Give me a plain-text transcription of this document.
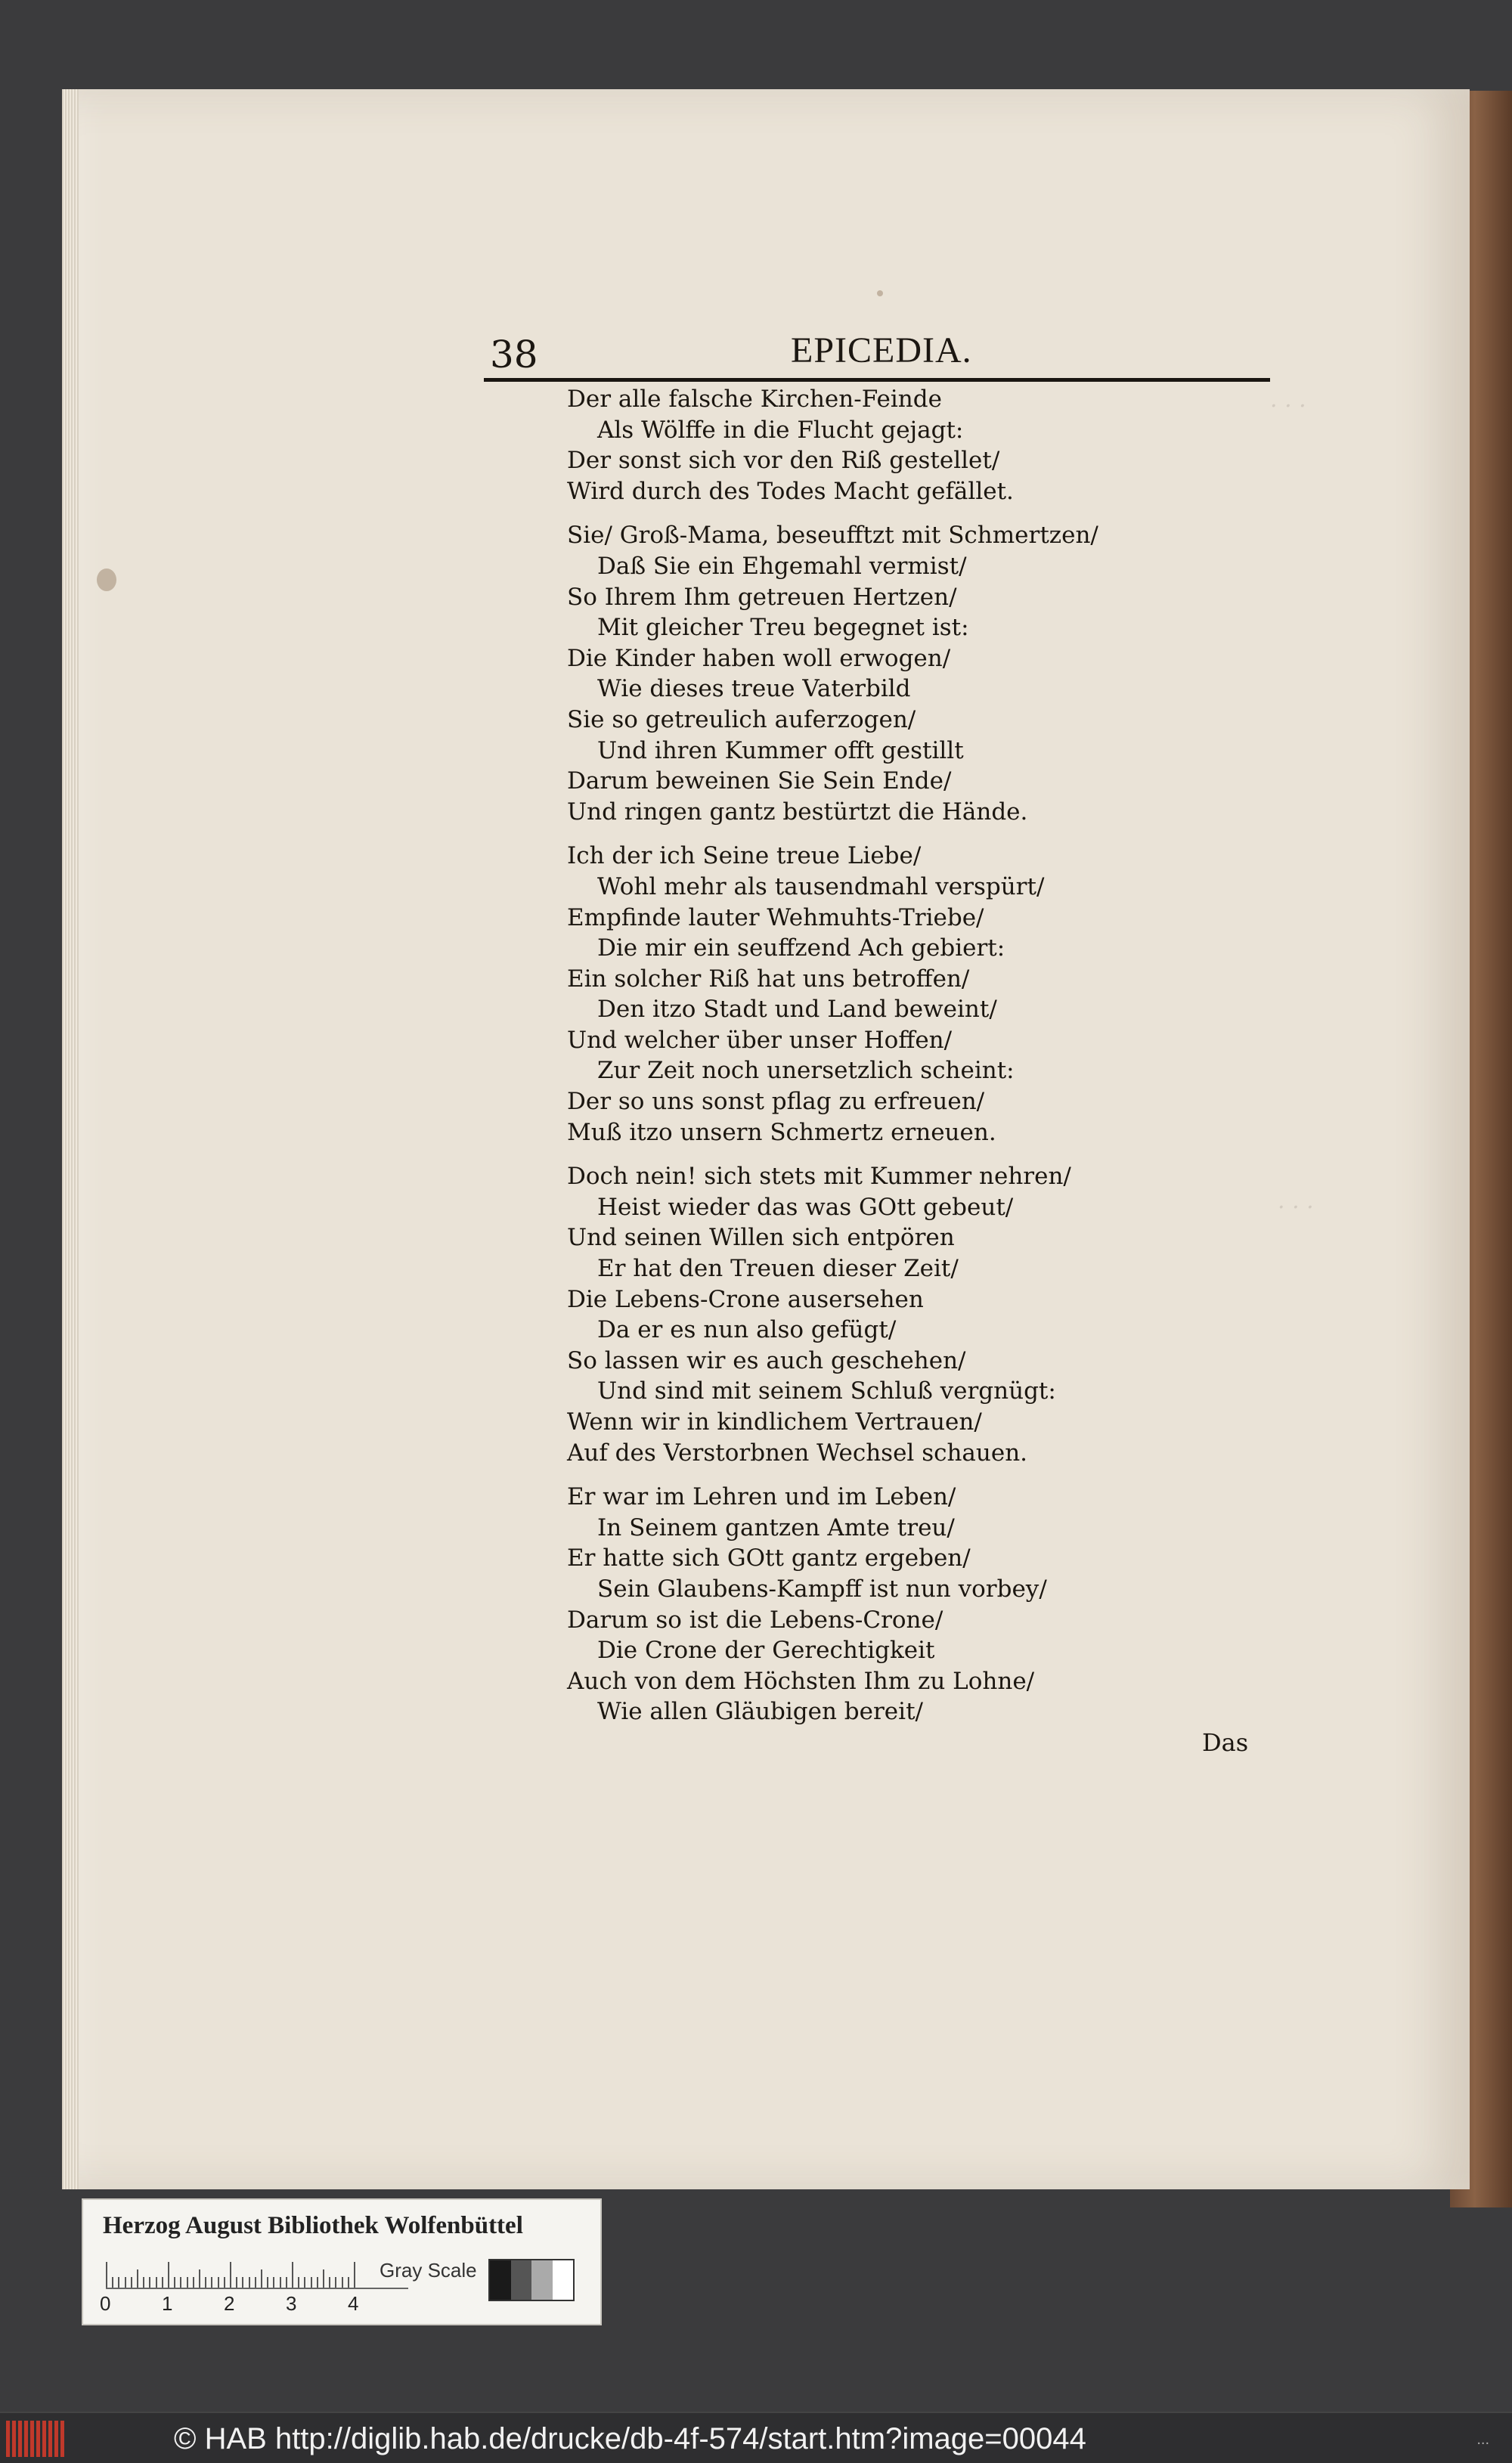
· · ·
· · ·
38	EPICEDIA.
Der alle falsche Kirchen-Feinde
Als Wölffe in die Flucht gejagt:
Der sonst sich vor den Riß gestellet/
Wird durch des Todes Macht gefället.
Sie/ Groß-Mama, beseufftzt mit Schmertzen/
Daß Sie ein Ehgemahl vermist/
So Ihrem Ihm getreuen Hertzen/
Mit gleicher Treu begegnet ist:
Die Kinder haben woll erwogen/
Wie dieses treue Vaterbild
Sie so getreulich auferzogen/
Und ihren Kummer offt gestillt
Darum beweinen Sie Sein Ende/
Und ringen gantz bestürtzt die Hände.
Ich der ich Seine treue Liebe/
Wohl mehr als tausendmahl verspürt/
Empfinde lauter Wehmuhts-Triebe/
Die mir ein seuffzend Ach gebiert:
Ein solcher Riß hat uns betroffen/
Den itzo Stadt und Land beweint/
Und welcher über unser Hoffen/
Zur Zeit noch unersetzlich scheint:
Der so uns sonst pflag zu erfreuen/
Muß itzo unsern Schmertz erneuen.
Doch nein! sich stets mit Kummer nehren/
Heist wieder das was GOtt gebeut/
Und seinen Willen sich entpören
Er hat den Treuen dieser Zeit/
Die Lebens-Crone ausersehen
Da er es nun also gefügt/
So lassen wir es auch geschehen/
Und sind mit seinem Schluß vergnügt:
Wenn wir in kindlichem Vertrauen/
Auf des Verstorbnen Wechsel schauen.
Er war im Lehren und im Leben/
In Seinem gantzen Amte treu/
Er hatte sich GOtt gantz ergeben/
Sein Glaubens-Kampff ist nun vorbey/
Darum so ist die Lebens-Crone/
Die Crone der Gerechtigkeit
Auch von dem Höchsten Ihm zu Lohne/
Wie allen Gläubigen bereit/
Das
Herzog August Bibliothek Wolfenbüttel
0	1	2	3	4
Gray Scale
© HAB http://diglib.hab.de/drucke/db-4f-574/start.htm?image=00044	...
